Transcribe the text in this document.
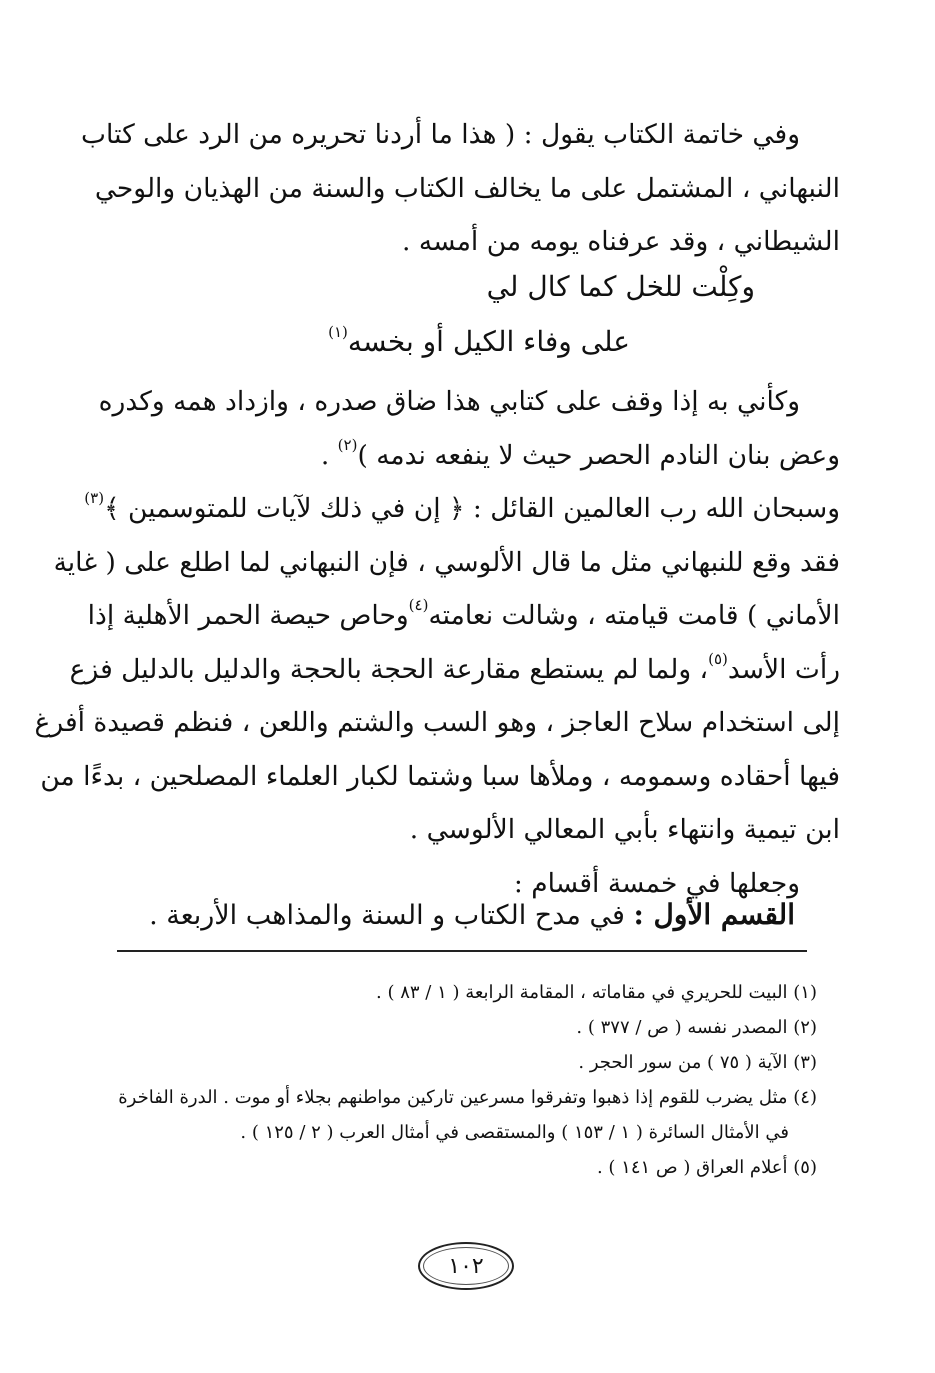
وفي خاتمة الكتاب يقول : ( هذا ما أردنا تحريره من الرد على كتاب
النبهاني ، المشتمل على ما يخالف الكتاب والسنة من الهذيان والوحي
الشيطاني ، وقد عرفناه يومه من أمسه .
وكِلْت للخل كما كال لي
على وفاء الكيل أو بخسه$^{(١)}$
وكأني به إذا وقف على كتابي هذا ضاق صدره ، وازداد همه وكدره
وعض بنان النادم الحصر حيث لا ينفعه ندمه )$^{(٢)}$ .
وسبحان الله رب العالمين القائل : ﴿ إن في ذلك لآيات للمتوسمين ﴾$^{(٣)}$
فقد وقع للنبهاني مثل ما قال الألوسي ، فإن النبهاني لما اطلع على ( غاية
الأماني ) قامت قيامته ، وشالت نعامته$^{(٤)}$وحاص حيصة الحمر الأهلية إذا
رأت الأسد$^{(٥)}$، ولما لم يستطع مقارعة الحجة بالحجة والدليل بالدليل فزع
إلى استخدام سلاح العاجز ، وهو السب والشتم واللعن ، فنظم قصيدة أفرغ
فيها أحقاده وسمومه ، وملأها سبا وشتما لكبار العلماء المصلحين ، بدءًا من
ابن تيمية وانتهاء بأبي المعالي الألوسي .
وجعلها في خمسة أقسام :
القسم الأول : في مدح الكتاب و السنة والمذاهب الأربعة .
(١) البيت للحريري في مقاماته ، المقامة الرابعة ( ١ / ٨٣ ) .
(٢) المصدر نفسه ( ص / ٣٧٧ ) .
(٣) الآية ( ٧٥ ) من سور الحجر .
(٤) مثل يضرب للقوم إذا ذهبوا وتفرقوا مسرعين تاركين مواطنهم بجلاء أو موت . الدرة الفاخرة
في الأمثال السائرة ( ١ / ١٥٣ ) والمستقصى في أمثال العرب ( ٢ / ١٢٥ ) .
(٥) أعلام العراق ( ص ١٤١ ) .
١٠٢
